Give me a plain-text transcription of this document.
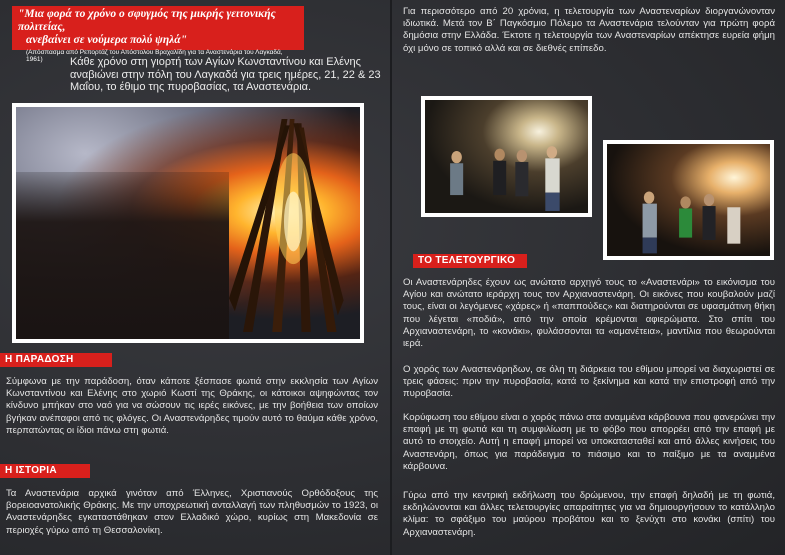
"Μια φορά το χρόνο ο σφυγμός της μικρής γειτονικής πολιτείας,
ανεβαίνει σε νούμερα πολύ ψηλά"
(Απόσπασμα από Ρεπορτάζ του Απόστολου Βραχαλίδη για τα Αναστενάρια του Λαγκαδά, 1961)	Κάθε χρόνο στη γιορτή των Αγίων Κωνσταντίνου και Ελένης αναβιώνει στην πόλη του Λαγκαδά για τρεις ημέρες, 21, 22 & 23 Μαΐου, το έθιμο της πυροβασίας, τα Αναστενάρια.
Η ΠΑΡΑΔΟΣΗ
Σύμφωνα με την παράδοση, όταν κάποτε ξέσπασε φωτιά στην εκκλησία των Αγίων Κωνσταντίνου και Ελένης στο χωριό Κωστί της Θράκης, οι κάτοικοι αψηφώντας τον κίνδυνο μπήκαν στο ναό για να σώσουν τις ιερές εικόνες, με την βοήθεια των οποίων βγήκαν ανέπαφοι από τις φλόγες. Οι Αναστενάρηδες τιμούν αυτό το θαύμα κάθε χρόνο, περπατώντας οι ίδιοι πάνω στη φωτιά.
Η ΙΣΤΟΡΙΑ
Τα Αναστενάρια αρχικά γινόταν από Έλληνες, Χριστιανούς Ορθόδοξους της βορειοανατολικής Θράκης. Με την υποχρεωτική ανταλλαγή των πληθυσμών το 1923, οι Αναστενάρηδες εγκαταστάθηκαν στον Ελλαδικό χώρο, κυρίως στη Μακεδονία σε περιοχές γύρω από τη Θεσσαλονίκη.
Για περισσότερο από 20 χρόνια, η τελετουργία των Αναστεναρίων διοργανώνονταν ιδιωτικά. Μετά τον Β΄ Παγκόσμιο Πόλεμο τα Αναστενάρια τελούνταν για πρώτη φορά δημόσια στην Ελλάδα. Έκτοτε η τελετουργία των Αναστεναρίων απέκτησε ευρεία φήμη όχι μόνο σε τοπικό αλλά και σε διεθνές επίπεδο.
ΤΟ ΤΕΛΕΤΟΥΡΓΙΚΟ
Οι Αναστενάρηδες έχουν ως ανώτατο αρχηγό τους το «Αναστενάρι» το εικόνισμα του Αγίου και ανώτατο ιεράρχη τους τον Αρχιαναστενάρη. Οι εικόνες που κουβαλούν μαζί τους, είναι οι λεγόμενες «χάρες» ή «παππούδες» και διατηρούνται σε υφασμάτινη θήκη που λέγεται «ποδιά», από την οποία κρέμονται αφιερώματα. Στο σπίτι του Αρχιαναστενάρη, το «κονάκι», φυλάσσονται τα «αμανέτεια», μαντίλια που θεωρούνται ιερά.
Ο χορός των Αναστενάρηδων, σε όλη τη διάρκεια του εθίμου μπορεί να διαχωριστεί σε τρεις φάσεις: πριν την πυροβασία, κατά το ξεκίνημα και κατά την επιστροφή από την πυροβασία.
Κορύφωση του εθίμου είναι ο χορός πάνω στα αναμμένα κάρβουνα που φανερώνει την επαφή με τη φωτιά και τη συμφιλίωση με το φόβο που απορρέει από την επαφή με αυτό το στοιχείο. Αυτή η επαφή μπορεί να υποκατασταθεί και από άλλες κινήσεις του Αναστενάρη, όπως για παράδειγμα το πιάσιμο και το παίξιμο με τα αναμμένα κάρβουνα.
Γύρω από την κεντρική εκδήλωση του δρώμενου, την επαφή δηλαδή με τη φωτιά, εκδηλώνονται και άλλες τελετουργίες απαραίτητες για να δημιουργήσουν το κατάλληλο κλίμα: το σφάξιμο του μαύρου προβάτου και το ξενύχτι στο κονάκι (σπίτι) του Αρχιαναστενάρη.
